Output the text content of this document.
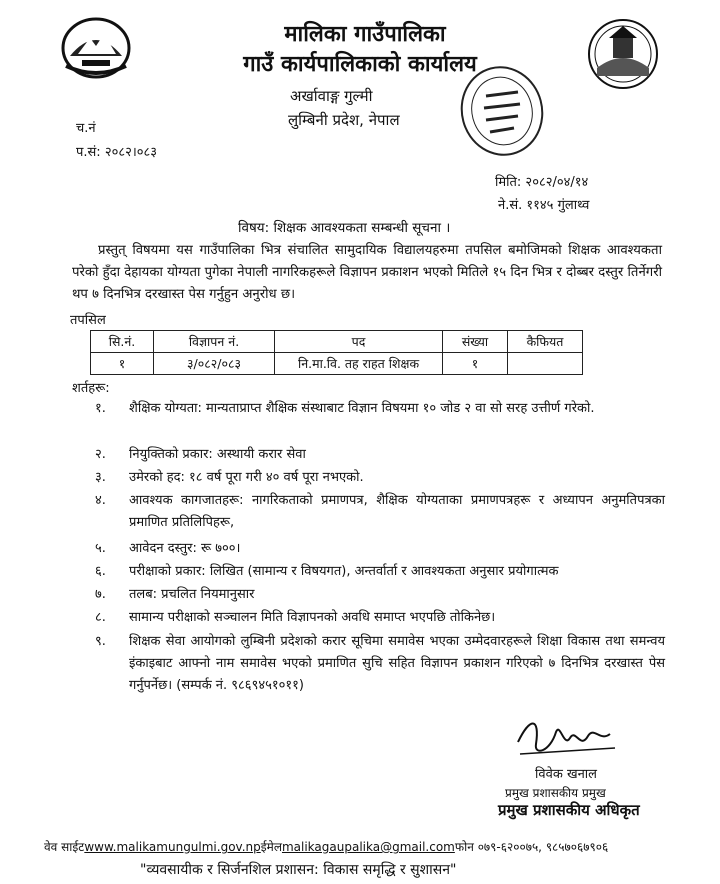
मालिका गाउँपालिका
गाउँ कार्यपालिकाको कार्यालय
अर्खावाङ्ग गुल्मी
लुम्बिनी प्रदेश, नेपाल
च.नं
प.सं: २०८२।०८३
मिति: २०८२/०४/१४
ने.सं. ११४५ गुंलाथ्व
विषय: शिक्षक आवश्यकता सम्बन्धी सूचना ।
प्रस्तुत् विषयमा यस गाउँपालिका भित्र संचालित सामुदायिक विद्यालयहरुमा तपसिल बमोजिमको शिक्षक आवश्यकता परेको हुँदा देहायका योग्यता पुगेका नेपाली नागरिकहरूले विज्ञापन प्रकाशन भएको मितिले १५ दिन भित्र र दोब्बर दस्तुर तिर्नेगरी थप ७ दिनभित्र दरखास्त पेस गर्नुहुन अनुरोध छ।
तपसिल
सि.नं.	विज्ञापन नं.	पद	संख्या	कैफियत
१	३/०८२/०८३	नि.मा.वि. तह राहत शिक्षक	१	
शर्तहरू:
१.	शैक्षिक योग्यता: मान्यताप्राप्त शैक्षिक संस्थाबाट विज्ञान विषयमा १० जोड २ वा सो सरह उत्तीर्ण गरेको.
२.	नियुक्तिको प्रकार: अस्थायी करार सेवा
३.	उमेरको हद: १८ वर्ष पूरा गरी ४० वर्ष पूरा नभएको.
४.	आवश्यक कागजातहरू: नागरिकताको प्रमाणपत्र, शैक्षिक योग्यताका प्रमाणपत्रहरू र अध्यापन अनुमतिपत्रका प्रमाणित प्रतिलिपिहरू,
५.	आवेदन दस्तुर: रू ७००।
६.	परीक्षाको प्रकार: लिखित (सामान्य र विषयगत), अन्तर्वार्ता र आवश्यकता अनुसार प्रयोगात्मक
७.	तलब: प्रचलित नियमानुसार
८.	सामान्य परीक्षाको सञ्चालन मिति विज्ञापनको अवधि समाप्त भएपछि तोकिनेछ।
९.	शिक्षक सेवा आयोगको लुम्बिनी प्रदेशको करार सूचिमा समावेस भएका उम्मेदवारहरूले शिक्षा विकास तथा समन्वय इंकाइबाट आफ्नो नाम समावेस भएको प्रमाणित सुचि सहित विज्ञापन प्रकाशन गरिएको ७ दिनभित्र दरखास्त पेस गर्नुपर्नेछ। (सम्पर्क नं. ९८६९४५१०११)
विवेक खनाल
प्रमुख प्रशासकीय प्रमुख
प्रमुख प्रशासकीय अधिकृत
वेव साईटwww.malikamungulmi.gov.npईमेलmalikagaupalika@gmail.comफोन ०७९-६२००७५, ९८५७०६७९०६
"व्यवसायीक र सिर्जनशिल प्रशासन: विकास समृद्धि र सुशासन"
